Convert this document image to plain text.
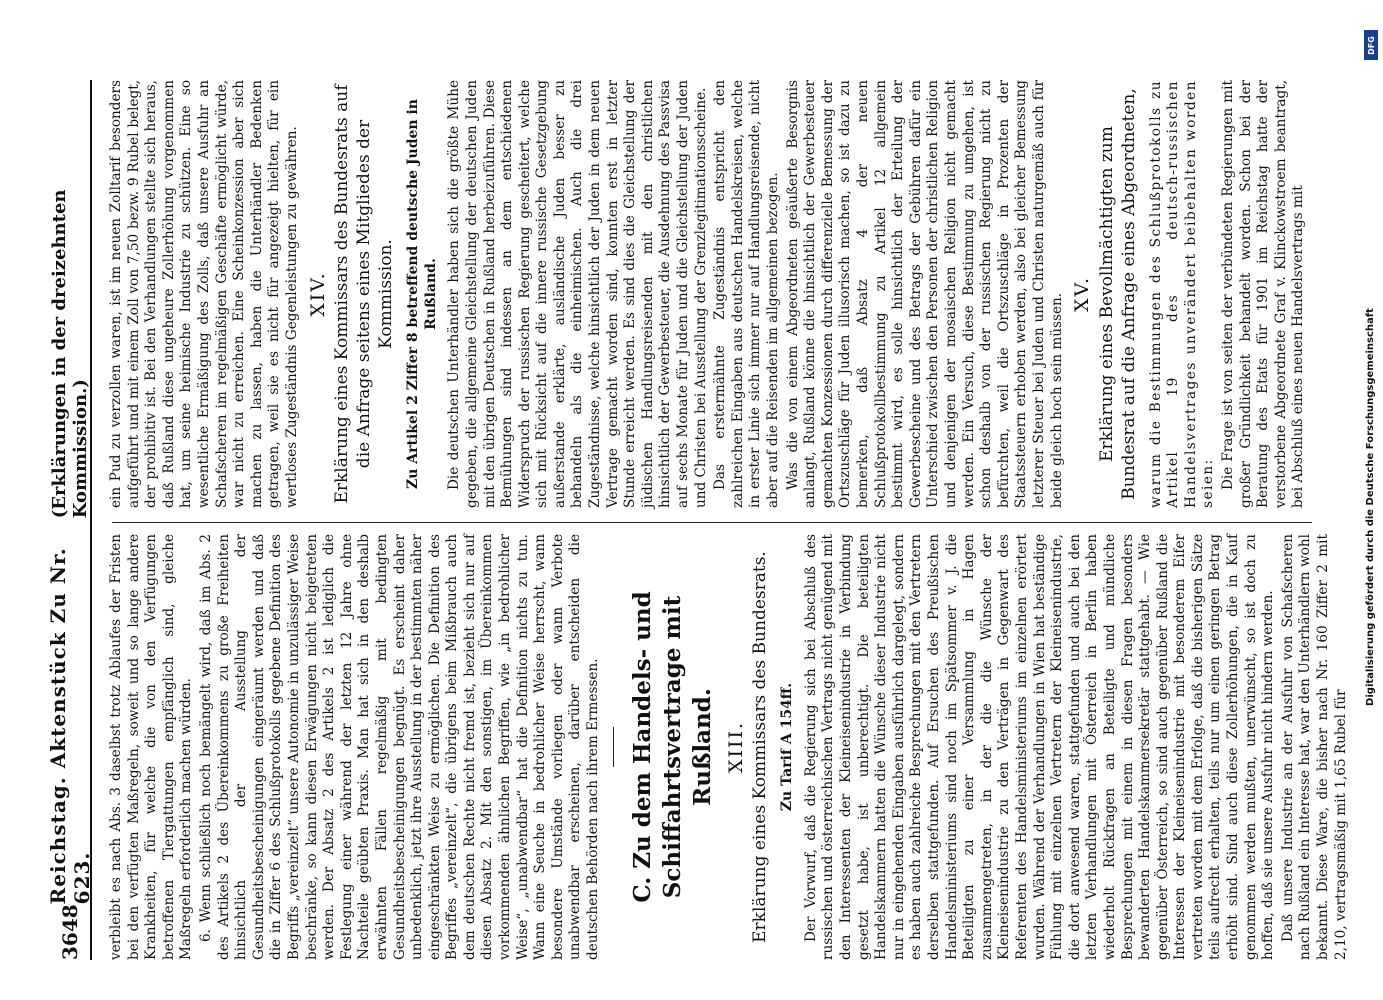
3648
Reichstag. Aktenstück Zu Nr. 623.
(Erklärungen in der dreizehnten Kommission.)

verbleibt es nach Abs. 3 daselbst trotz Ablaufes der Fristen bei den verfügten Maßregeln, soweit und so lange andere Krankheiten, für welche die von den Verfügungen betroffenen Tiergattungen empfänglich sind, gleiche Maßregeln erforderlich machen würden. 6. Wenn schließlich noch bemängelt wird, daß im Abs. 2 des Artikels 2 des Übereinkommens zu große Freiheiten hinsichtlich der Ausstellung der Gesundheitsbescheinigungen eingeräumt werden und daß die in Ziffer 6 des Schlußprotokolls gegebene Definition des Begriffs „vereinzelt“ unsere Autonomie in unzulässiger Weise beschränke, so kann diesen Erwägungen nicht beigetreten werden. Der Absatz 2 des Artikels 2 ist lediglich die Festlegung einer während der letzten 12 Jahre ohne Nachteile geübten Praxis. Man hat sich in den deshalb erwähnten Fällen regelmäßig mit bedingten Gesundheitsbescheinigungen begnügt. Es erscheint daher unbedenklich, jetzt ihre Ausstellung in der bestimmten näher eingeschränkten Weise zu ermöglichen. Die Definition des Begriffes „vereinzelt“, die übrigens beim Mißbrauch auch dem deutschen Rechte nicht fremd ist, bezieht sich nur auf diesen Absatz 2. Mit den sonstigen, im Übereinkommen vorkommenden ähnlichen Begriffen, wie „in bedrohlicher Weise“, „unabwendbar“ hat die Definition nichts zu tun. Wann eine Seuche in bedrohlicher Weise herrscht, wann besondere Umstände vorliegen oder wann Verbote unabwendbar erscheinen, darüber entscheiden die deutschen Behörden nach ihrem Ermessen. C. Zu dem Handels- und Schiffahrtsvertrage mit Rußland. XIII. Erklärung eines Kommissars des Bundesrats. Zu Tarif A 154ff. Der Vorwurf, daß die Regierung sich bei Abschluß des russischen und österreichischen Vertrags nicht genügend mit den Interessenten der Kleineisenindustrie in Verbindung gesetzt habe, ist unberechtigt. Die beteiligten Handelskammern hatten die Wünsche dieser Industrie nicht nur in eingehenden Eingaben ausführlich dargelegt, sondern es haben auch zahlreiche Besprechungen mit den Vertretern derselben stattgefunden. Auf Ersuchen des Preußischen Handelsministeriums sind noch im Spätsommer v. J. die Beteiligten zu einer Versammlung in Hagen zusammengetreten, in der die die Wünsche der Kleineisenindustrie zu den Verträgen in Gegenwart des Referenten des Handelsministeriums im einzelnen erörtert wurden. Während der Verhandlungen in Wien hat beständige Fühlung mit einzelnen Vertretern der Kleineisenindustrie, die dort anwesend waren, stattgefunden und auch bei den letzten Verhandlungen mit Österreich in Berlin haben wiederholt Rückfragen an Beteiligte und mündliche Besprechungen mit einem in diesen Fragen besonders bewanderten Handelskammersekretär stattgehabt. — Wie gegenüber Österreich, so sind auch gegenüber Rußland die Interessen der Kleineisenindustrie mit besonderem Eifer vertreten worden mit dem Erfolge, daß die bisherigen Sätze teils aufrecht erhalten, teils nur um einen geringen Betrag erhöht sind. Sind auch diese Zollerhöhungen, die in Kauf genommen werden mußten, unerwünscht, so ist doch zu hoffen, daß sie unsere Ausfuhr nicht hindern werden. Daß unsere Industrie an der Ausfuhr von Schafscheren nach Rußland ein Interesse hat, war den Unterhändlern wohl bekannt. Diese Ware, die bisher nach Nr. 160 Ziffer 2 mit 2,10, vertragsmäßig mit 1,65 Rubel für

ein Pud zu verzollen waren, ist im neuen Zolltarif besonders aufgeführt und mit einem Zoll von 7,50 bezw. 9 Rubel belegt, der prohibitiv ist. Bei den Verhandlungen stellte sich heraus, daß Rußland diese ungeheure Zollerhöhung vorgenommen hat, um seine heimische Industrie zu schützen. Eine so wesentliche Ermäßigung des Zolls, daß unsere Ausfuhr an Schafscheren im regelmäßigen Geschäfte ermöglicht würde, war nicht zu erreichen. Eine Scheinkonzession aber sich machen zu lassen, haben die Unterhändler Bedenken getragen, weil sie es nicht für angezeigt hielten, für ein wertloses Zugeständnis Gegenleistungen zu gewähren. XIV. Erklärung eines Kommissars des Bundesrats auf die Anfrage seitens eines Mitgliedes der Kommission. Zu Artikel 2 Ziffer 8 betreffend deutsche Juden in Rußland. Die deutschen Unterhändler haben sich die größte Mühe gegeben, die allgemeine Gleichstellung der deutschen Juden mit den übrigen Deutschen in Rußland herbeizuführen. Diese Bemühungen sind indessen an dem entschiedenen Widerspruch der russischen Regierung gescheitert, welche sich mit Rücksicht auf die innere russische Gesetzgebung außerstande erklärte, ausländische Juden besser zu behandeln als die einheimischen. Auch die drei Zugeständnisse, welche hinsichtlich der Juden in dem neuen Vertrage gemacht worden sind, konnten erst in letzter Stunde erreicht werden. Es sind dies die Gleichstellung der jüdischen Handlungsreisenden mit den christlichen hinsichtlich der Gewerbesteuer, die Ausdehnung des Passvisa auf sechs Monate für Juden und die Gleichstellung der Juden und Christen bei Ausstellung der Grenzlegitimationsscheine. Das erstermähnte Zugeständnis entspricht den zahlreichen Eingaben aus deutschen Handelskreisen, welche in erster Linie sich immer nur auf Handlungsreisende, nicht aber auf die Reisenden im allgemeinen bezogen. Was die von einem Abgeordneten geäußerte Besorgnis anlangt, Rußland könne die hinsichtlich der Gewerbesteuer gemachten Konzessionen durch differenzielle Bemessung der Ortszuschläge für Juden illusorisch machen, so ist dazu zu bemerken, daß Absatz 4 der neuen Schlußprotokollbestimmung zu Artikel 12 allgemein bestimmt wird, es solle hinsichtlich der Erteilung der Gewerbescheine und des Betrags der Gebühren dafür ein Unterschied zwischen den Personen der christlichen Religion und denjenigen der mosaischen Religion nicht gemacht werden. Ein Versuch, diese Bestimmung zu umgehen, ist schon deshalb von der russischen Regierung nicht zu befürchten, weil die Ortszuschläge in Prozenten der Staatssteuern erhoben werden, also bei gleicher Bemessung letzterer Steuer bei Juden und Christen naturgemäß auch für beide gleich hoch sein müssen. XV. Erklärung eines Bevollmächtigten zum Bundesrat auf die Anfrage eines Abgeordneten, warum die Bestimmungen des Schlußprotokolls zu Artikel 19 des deutsch-russischen Handelsvertrages unverändert beibehalten worden seien: Die Frage ist von seiten der verbündeten Regierungen mit großer Gründlichkeit behandelt worden. Schon bei der Beratung des Etats für 1901 im Reichstag hatte der verstorbene Abgeordnete Graf v. Klinckowstroem beantragt, bei Abschluß eines neuen Handelsvertrags mit

DFG
Digitalisierung gefördert durch die Deutsche Forschungsgemeinschaft
